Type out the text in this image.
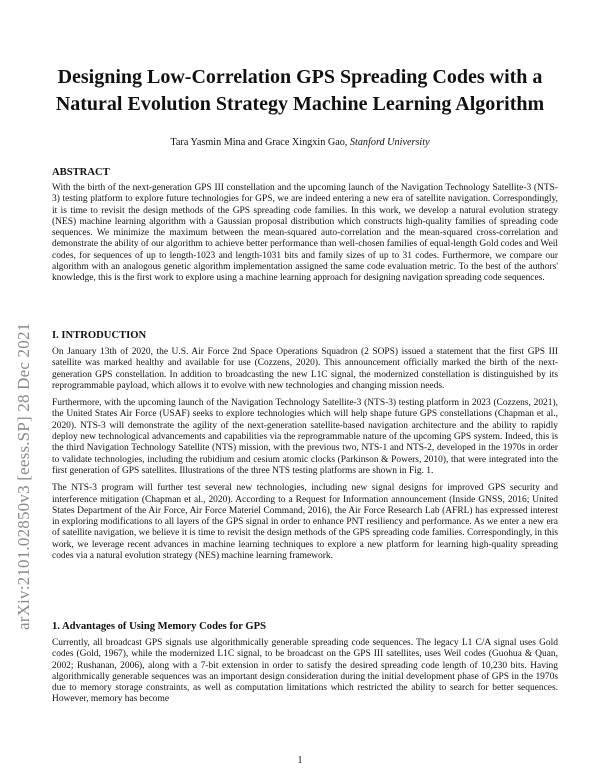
arXiv:2101.02850v3 [eess.SP] 28 Dec 2021
Designing Low-Correlation GPS Spreading Codes with a
Natural Evolution Strategy Machine Learning Algorithm
Tara Yasmin Mina and Grace Xingxin Gao, Stanford University

ABSTRACT

With the birth of the next-generation GPS III constellation and the upcoming launch of the Navigation Technology Satellite-3 (NTS-3) testing platform to explore future technologies for GPS, we are indeed entering a new era of satellite navigation. Correspondingly, it is time to revisit the design methods of the GPS spreading code families. In this work, we develop a natural evolution strategy (NES) machine learning algorithm with a Gaussian proposal distribution which constructs high-quality families of spreading code sequences. We minimize the maximum between the mean-squared auto-correlation and the mean-squared cross-correlation and demonstrate the ability of our algorithm to achieve better performance than well-chosen families of equal-length Gold codes and Weil codes, for sequences of up to length-1023 and length-1031 bits and family sizes of up to 31 codes. Furthermore, we compare our algorithm with an analogous genetic algorithm implementation assigned the same code evaluation metric. To the best of the authors' knowledge, this is the first work to explore using a machine learning approach for designing navigation spreading code sequences.

I. INTRODUCTION

On January 13th of 2020, the U.S. Air Force 2nd Space Operations Squadron (2 SOPS) issued a statement that the first GPS III satellite was marked healthy and available for use (Cozzens, 2020). This announcement officially marked the birth of the next-generation GPS constellation. In addition to broadcasting the new L1C signal, the modernized constellation is distinguished by its reprogrammable payload, which allows it to evolve with new technologies and changing mission needs.

Furthermore, with the upcoming launch of the Navigation Technology Satellite-3 (NTS-3) testing platform in 2023 (Cozzens, 2021), the United States Air Force (USAF) seeks to explore technologies which will help shape future GPS constellations (Chapman et al., 2020). NTS-3 will demonstrate the agility of the next-generation satellite-based navigation architecture and the ability to rapidly deploy new technological advancements and capabilities via the reprogrammable nature of the upcoming GPS system. Indeed, this is the third Navigation Technology Satellite (NTS) mission, with the previous two, NTS-1 and NTS-2, developed in the 1970s in order to validate technologies, including the rubidium and cesium atomic clocks (Parkinson & Powers, 2010), that were integrated into the first generation of GPS satellites. Illustrations of the three NTS testing platforms are shown in Fig. 1.

The NTS-3 program will further test several new technologies, including new signal designs for improved GPS security and interference mitigation (Chapman et al., 2020). According to a Request for Information announcement (Inside GNSS, 2016; United States Department of the Air Force, Air Force Materiel Command, 2016), the Air Force Research Lab (AFRL) has expressed interest in exploring modifications to all layers of the GPS signal in order to enhance PNT resiliency and performance. As we enter a new era of satellite navigation, we believe it is time to revisit the design methods of the GPS spreading code families. Correspondingly, in this work, we leverage recent advances in machine learning techniques to explore a new platform for learning high-quality spreading codes via a natural evolution strategy (NES) machine learning framework.

1. Advantages of Using Memory Codes for GPS

Currently, all broadcast GPS signals use algorithmically generable spreading code sequences. The legacy L1 C/A signal uses Gold codes (Gold, 1967), while the modernized L1C signal, to be broadcast on the GPS III satellites, uses Weil codes (Guohua & Quan, 2002; Rushanan, 2006), along with a 7-bit extension in order to satisfy the desired spreading code length of 10,230 bits. Having algorithmically generable sequences was an important design consideration during the initial development phase of GPS in the 1970s due to memory storage constraints, as well as computation limitations which restricted the ability to search for better sequences. However, memory has become

1
